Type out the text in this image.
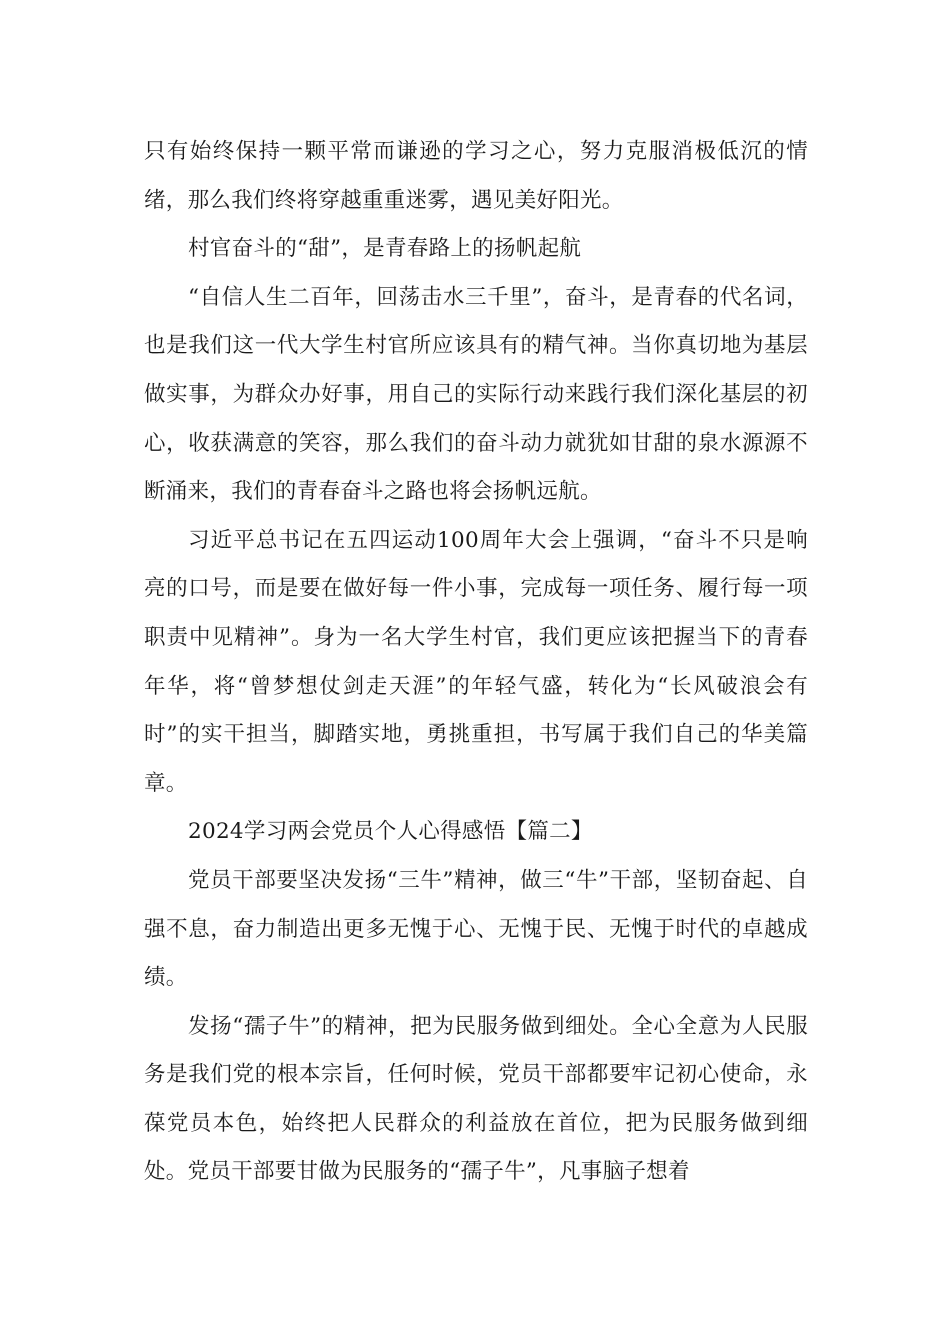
只有始终保持一颗平常而谦逊的学习之心，努力克服消极低沉的情绪，那么我们终将穿越重重迷雾，遇见美好阳光。

村官奋斗的“甜”，是青春路上的扬帆起航

“自信人生二百年，回荡击水三千里”，奋斗，是青春的代名词，也是我们这一代大学生村官所应该具有的精气神。当你真切地为基层做实事，为群众办好事，用自己的实际行动来践行我们深化基层的初心，收获满意的笑容，那么我们的奋斗动力就犹如甘甜的泉水源源不断涌来，我们的青春奋斗之路也将会扬帆远航。

习近平总书记在五四运动100周年大会上强调，“奋斗不只是响亮的口号，而是要在做好每一件小事，完成每一项任务、履行每一项职责中见精神”。身为一名大学生村官，我们更应该把握当下的青春年华，将“曾梦想仗剑走天涯”的年轻气盛，转化为“长风破浪会有时”的实干担当，脚踏实地，勇挑重担，书写属于我们自己的华美篇章。

2024学习两会党员个人心得感悟【篇二】

党员干部要坚决发扬“三牛”精神，做三“牛”干部，坚韧奋起、自强不息，奋力制造出更多无愧于心、无愧于民、无愧于时代的卓越成绩。

发扬“孺子牛”的精神，把为民服务做到细处。全心全意为人民服务是我们党的根本宗旨，任何时候，党员干部都要牢记初心使命，永葆党员本色，始终把人民群众的利益放在首位，把为民服务做到细处。党员干部要甘做为民服务的“孺子牛”，凡事脑子想着
